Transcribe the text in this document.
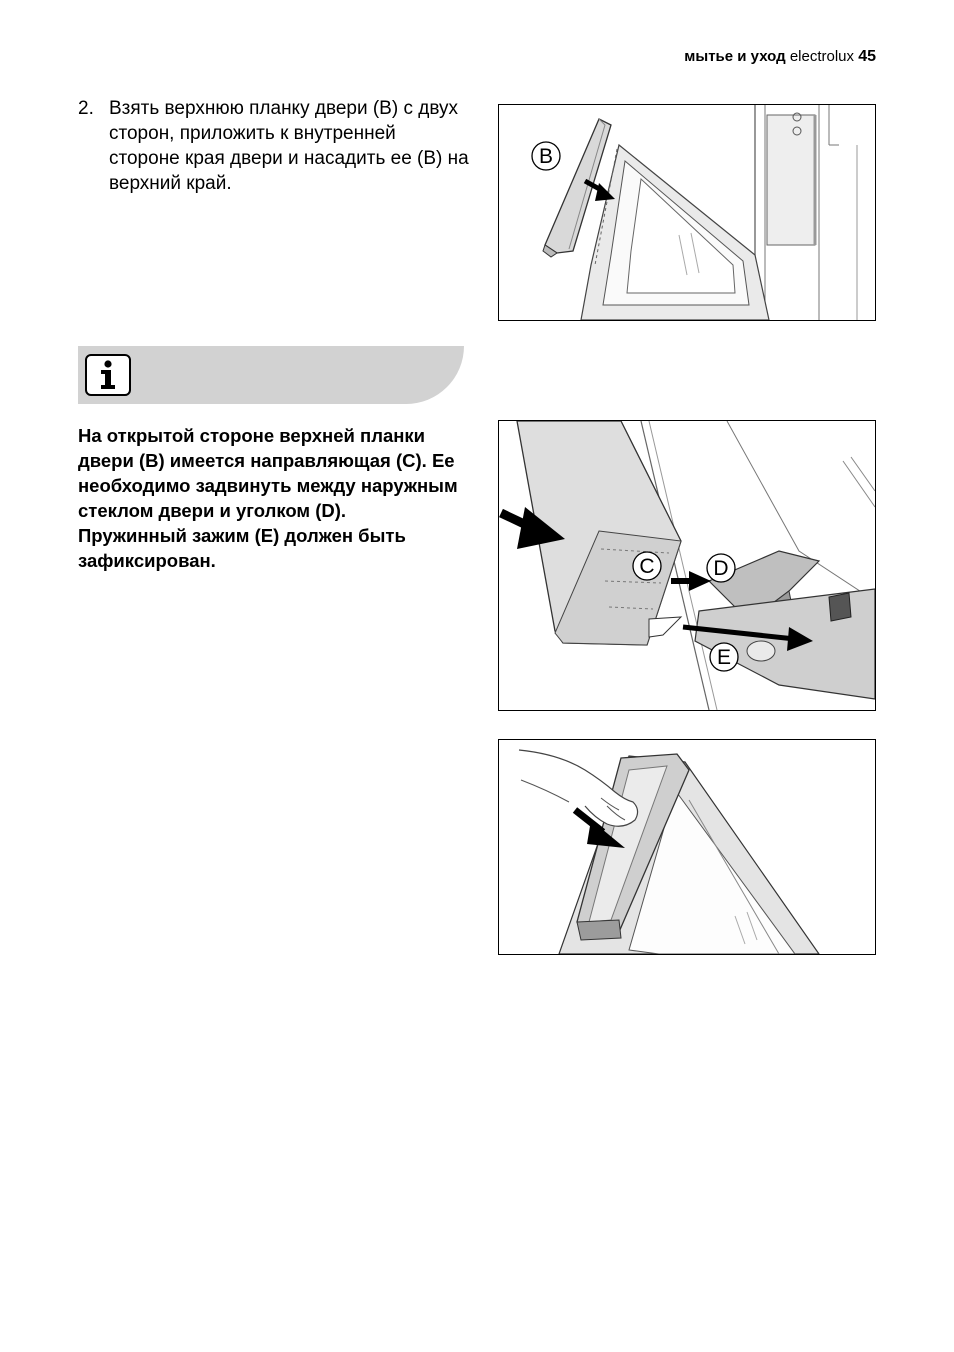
мытье и уход electrolux 45
2. Взять верхнюю планку двери (B) с двух сторон, приложить к внутренней стороне края двери и насадить ее (B) на верхний край.

На открытой стороне верхней планки двери (B) имеется направляющая (C). Ее необходимо задвинуть между наружным стеклом двери и уголком (D).

Пружинный зажим (E) должен быть зафиксирован.

B
C	D
E
